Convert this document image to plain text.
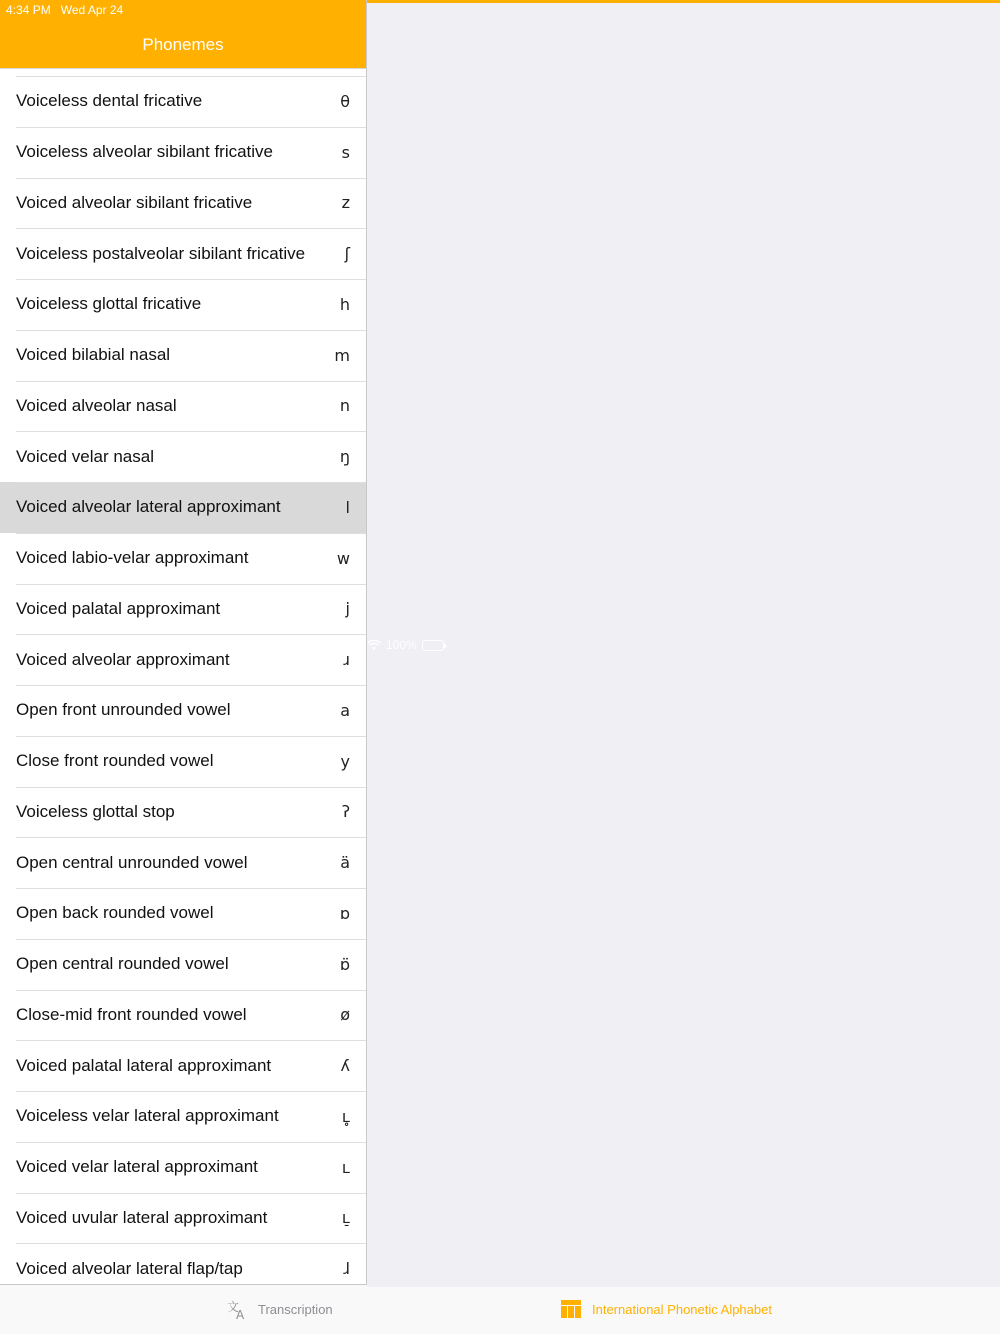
4:34 PM Wed Apr 24
100%
Phonemes
Voiceless dental fricative	θ
Voiceless alveolar sibilant fricative	s
Voiced alveolar sibilant fricative	z
Voiceless postalveolar sibilant fricative	ʃ
Voiceless glottal fricative	h
Voiced bilabial nasal	m
Voiced alveolar nasal	n
Voiced velar nasal	ŋ
Voiced alveolar lateral approximant	l
Voiced labio-velar approximant	w
Voiced palatal approximant	j
Voiced alveolar approximant	ɹ
Open front unrounded vowel	a
Close front rounded vowel	y
Voiceless glottal stop	ʔ
Open central unrounded vowel	ä
Open back rounded vowel	ɒ
Open central rounded vowel	ɒ̈
Close-mid front rounded vowel	ø
Voiced palatal lateral approximant	ʎ
Voiceless velar lateral approximant	ʟ̥
Voiced velar lateral approximant	ʟ
Voiced uvular lateral approximant	ʟ̠
Voiced alveolar lateral flap/tap	ɺ
•
•
•
•
文
A Transcription	International Phonetic Alphabet
